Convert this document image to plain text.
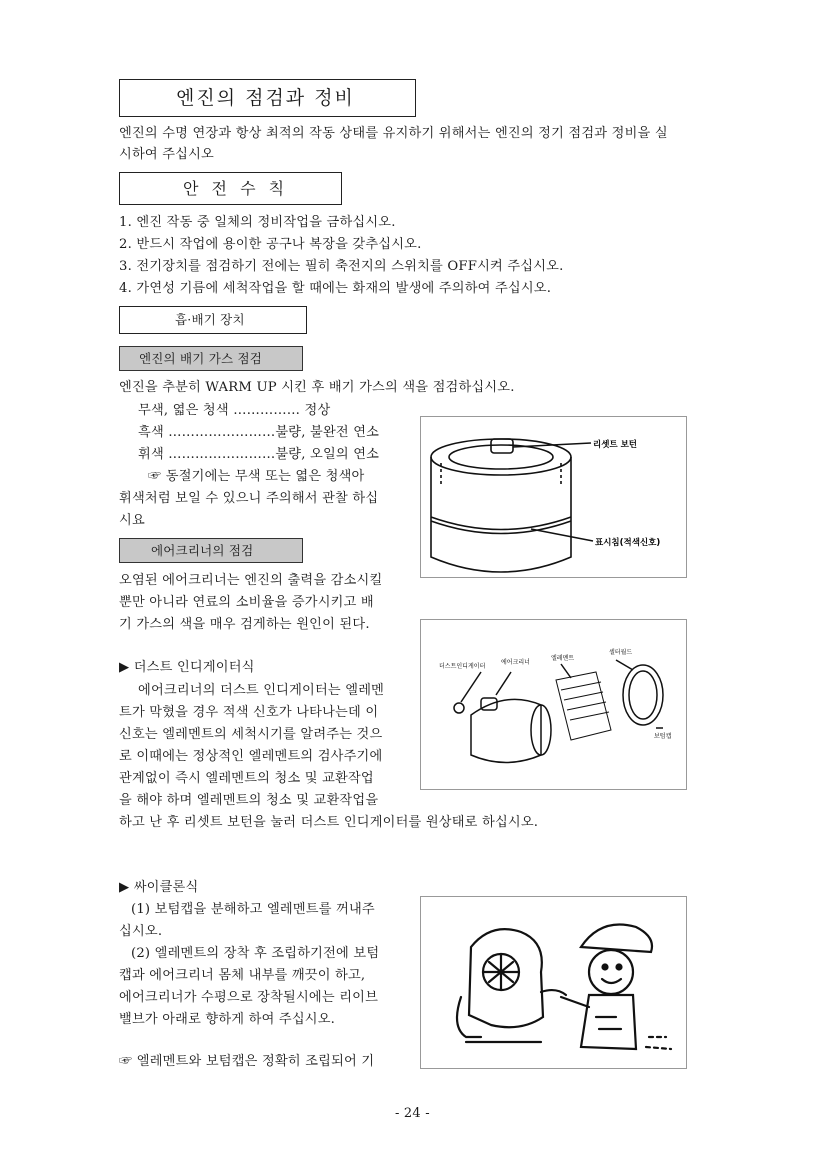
엔진의 점검과 정비
엔진의 수명 연장과 항상 최적의 작동 상태를 유지하기 위해서는 엔진의 정기 점검과 정비을 실
시하여 주십시오
안 전 수 칙
1. 엔진 작동 중 일체의 정비작업을 금하십시오.
2. 반드시 작업에 용이한 공구나 복장을 갖추십시오.
3. 전기장치를 점검하기 전에는 필히 축전지의 스위치를 OFF시켜 주십시오.
4. 가연성 기름에 세척작업을 할 때에는 화재의 발생에 주의하여 주십시오.
흡·배기 장치
엔진의 배기 가스 점검
엔진을 추분히 WARM UP 시킨 후 배기 가스의 색을 점검하십시오.
무색, 엷은 청색 …………… 정상
흑색 ……………………불량, 불완전 연소
휘색 ……………………불량, 오일의 연소
☞ 동절기에는 무색 또는 엷은 청색아
휘색처럼 보일 수 있으니 주의해서 관찰 하십
시요
에어크리너의 점검
오염된 에어크리너는 엔진의 출력을 감소시킬
뿐만 아니라 연료의 소비율을 증가시키고 배
기 가스의 색을 매우 검게하는 원인이 된다.
▶ 더스트 인디게이터식
에어크리너의 더스트 인디게이터는 엘레멘
트가 막혔을 경우 적색 신호가 나타나는데 이
신호는 엘레멘트의 세척시기를 알려주는 것으
로 이때에는 정상적인 엘레멘트의 검사주기에
관계없이 즉시 엘레멘트의 청소 및 교환작업
을 해야 하며 엘레멘트의 청소 및 교환작업을
하고 난 후 리셋트 보턴을 눌러 더스트 인디게이터를 원상태로 하십시오.
▶ 싸이클론식
(1) 보텀캡을 분해하고 엘레멘트를 꺼내주
십시오.
(2) 엘레멘트의 장착 후 조립하기전에 보텀
캡과 에어크리너 몸체 내부를 깨끗이 하고,
에어크리너가 수평으로 장착될시에는 리이브
밸브가 아래로 향하게 하여 주십시오.
☞ 엘레멘트와 보텀캡은 정확히 조립되어 기
리셋트 보턴
표시침(적색신호)
더스트인디게이터
에어크리너
엘레멘트
셀터월드
보텀캡
- 24 -
